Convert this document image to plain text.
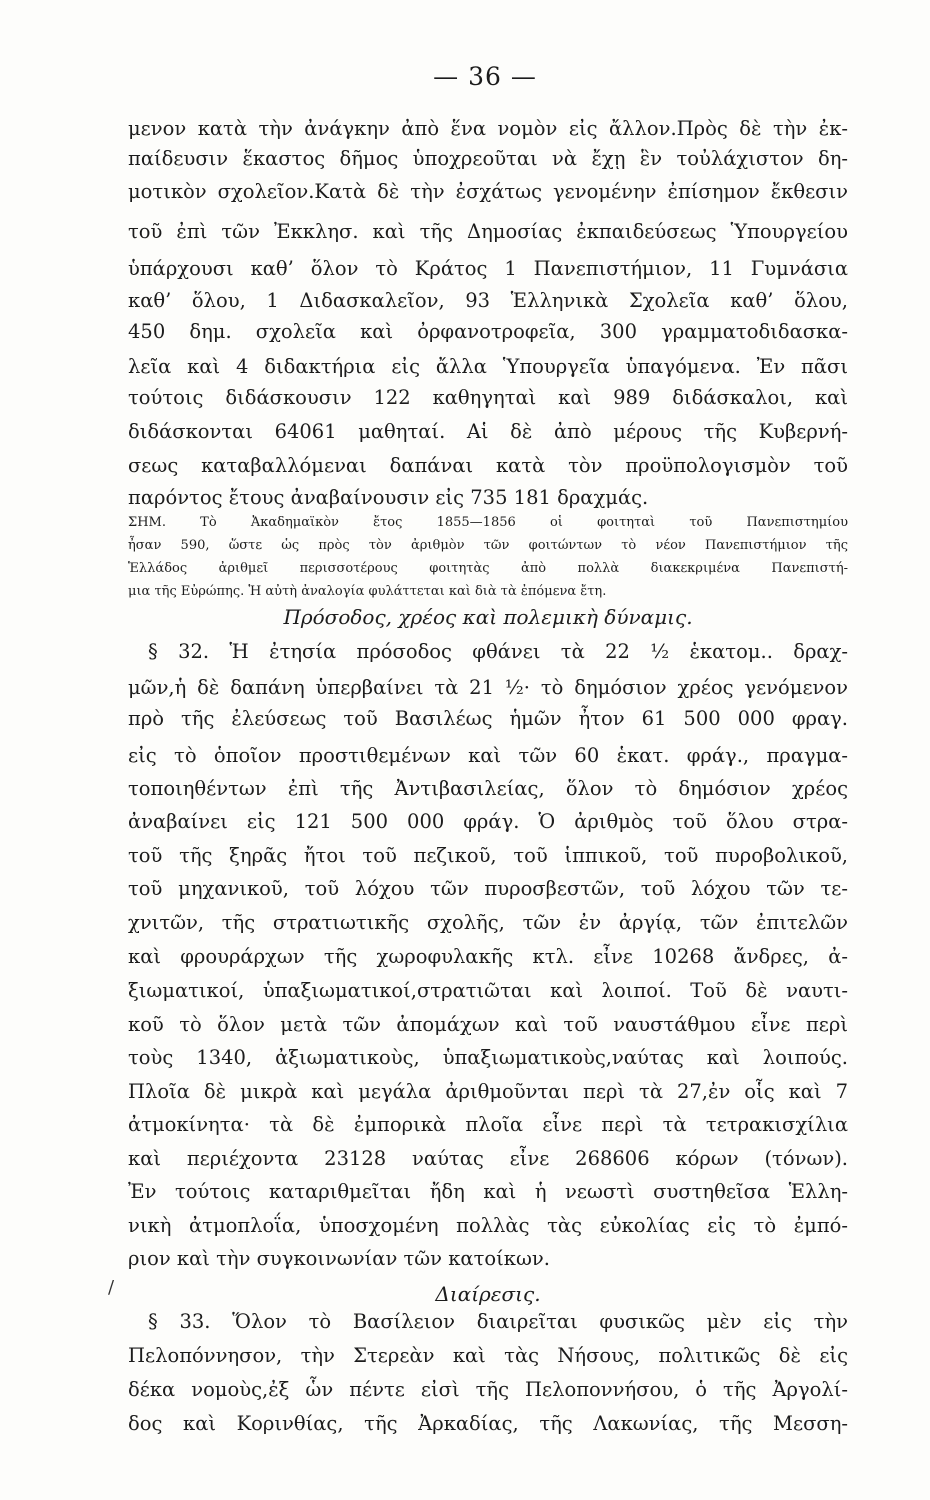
— 36 —
μενον κατὰ τὴν ἀνάγκην ἀπὸ ἕνα νομὸν εἰς ἄλλον.Πρὸς δὲ τὴν ἐκ-
παίδευσιν ἕκαστος δῆμος ὑποχρεοῦται νὰ ἔχῃ ἓν τοὐλάχιστον δη-
μοτικὸν σχολεῖον.Κατὰ δὲ τὴν ἐσχάτως γενομένην ἐπίσημον ἔκθεσιν
τοῦ ἐπὶ τῶν Ἐκκλησ. καὶ τῆς Δημοσίας ἐκπαιδεύσεως Ὑπουργείου
ὑπάρχουσι καθ’ ὅλον τὸ Κράτος 1 Πανεπιστήμιον, 11 Γυμνάσια
καθ’ ὅλου, 1 Διδασκαλεῖον, 93 Ἑλληνικὰ Σχολεῖα καθ’ ὅλου,
450 δημ. σχολεῖα καὶ ὀρφανοτροφεῖα, 300 γραμματοδιδασκα-
λεῖα καὶ 4 διδακτήρια εἰς ἄλλα Ὑπουργεῖα ὑπαγόμενα. Ἐν πᾶσι
τούτοις διδάσκουσιν 122 καθηγηταὶ καὶ 989 διδάσκαλοι, καὶ
διδάσκονται 64061 μαθηταί. Αἱ δὲ ἀπὸ μέρους τῆς Κυβερνή-
σεως καταβαλλόμεναι δαπάναι κατὰ τὸν προϋπολογισμὸν τοῦ
παρόντος ἔτους ἀναβαίνουσιν εἰς 735 181 δραχμάς.
ΣΗΜ. Τὸ Ἀκαδημαϊκὸν ἔτος 1855—1856 οἱ φοιτηταὶ τοῦ Πανεπιστημίου
ἦσαν 590, ὥστε ὡς πρὸς τὸν ἀριθμὸν τῶν φοιτώντων τὸ νέον Πανεπιστήμιον τῆς
Ἑλλάδος ἀριθμεῖ περισσοτέρους φοιτητὰς ἀπὸ πολλὰ διακεκριμένα Πανεπιστή-
μια τῆς Εὐρώπης. Ἡ αὐτὴ ἀναλογία φυλάττεται καὶ διὰ τὰ ἐπόμενα ἔτη.
Πρόσοδος, χρέος καὶ πολεμικὴ δύναμις.
§ 32. Ἡ ἐτησία πρόσοδος φθάνει τὰ 22 ½ ἑκατομ.. δραχ-
μῶν,ἡ δὲ δαπάνη ὑπερβαίνει τὰ 21 ½· τὸ δημόσιον χρέος γενόμενον
πρὸ τῆς ἐλεύσεως τοῦ Βασιλέως ἡμῶν ἦτον 61 500 000 φραγ.
εἰς τὸ ὁποῖον προστιθεμένων καὶ τῶν 60 ἑκατ. φράγ., πραγμα-
τοποιηθέντων ἐπὶ τῆς Ἀντιβασιλείας, ὅλον τὸ δημόσιον χρέος
ἀναβαίνει εἰς 121 500 000 φράγ. Ὁ ἀριθμὸς τοῦ ὅλου στρα-
τοῦ τῆς ξηρᾶς ἤτοι τοῦ πεζικοῦ, τοῦ ἱππικοῦ, τοῦ πυροβολικοῦ,
τοῦ μηχανικοῦ, τοῦ λόχου τῶν πυροσβεστῶν, τοῦ λόχου τῶν τε-
χνιτῶν, τῆς στρατιωτικῆς σχολῆς, τῶν ἐν ἀργίᾳ, τῶν ἐπιτελῶν
καὶ φρουράρχων τῆς χωροφυλακῆς κτλ. εἶνε 10268 ἄνδρες, ἀ-
ξιωματικοί, ὑπαξιωματικοί,στρατιῶται καὶ λοιποί. Τοῦ δὲ ναυτι-
κοῦ τὸ ὅλον μετὰ τῶν ἀπομάχων καὶ τοῦ ναυστάθμου εἶνε περὶ
τοὺς 1340, ἀξιωματικοὺς, ὑπαξιωματικοὺς,ναύτας καὶ λοιπούς.
Πλοῖα δὲ μικρὰ καὶ μεγάλα ἀριθμοῦνται περὶ τὰ 27,ἐν οἷς καὶ 7
ἀτμοκίνητα· τὰ δὲ ἐμπορικὰ πλοῖα εἶνε περὶ τὰ τετρακισχίλια
καὶ περιέχοντα 23128 ναύτας εἶνε 268606 κόρων (τόνων).
Ἐν τούτοις καταριθμεῖται ἤδη καὶ ἡ νεωστὶ συστηθεῖσα Ἑλλη-
νικὴ ἀτμοπλοΐα, ὑποσχομένη πολλὰς τὰς εὐκολίας εἰς τὸ ἐμπό-
ριον καὶ τὴν συγκοινωνίαν τῶν κατοίκων.
Διαίρεσις.
/
§ 33. Ὅλον τὸ Βασίλειον διαιρεῖται φυσικῶς μὲν εἰς τὴν
Πελοπόννησον, τὴν Στερεὰν καὶ τὰς Νήσους, πολιτικῶς δὲ εἰς
δέκα νομοὺς,ἐξ ὧν πέντε εἰσὶ τῆς Πελοποννήσου, ὁ τῆς Ἀργολί-
δος καὶ Κορινθίας, τῆς Ἀρκαδίας, τῆς Λακωνίας, τῆς Μεσση-
